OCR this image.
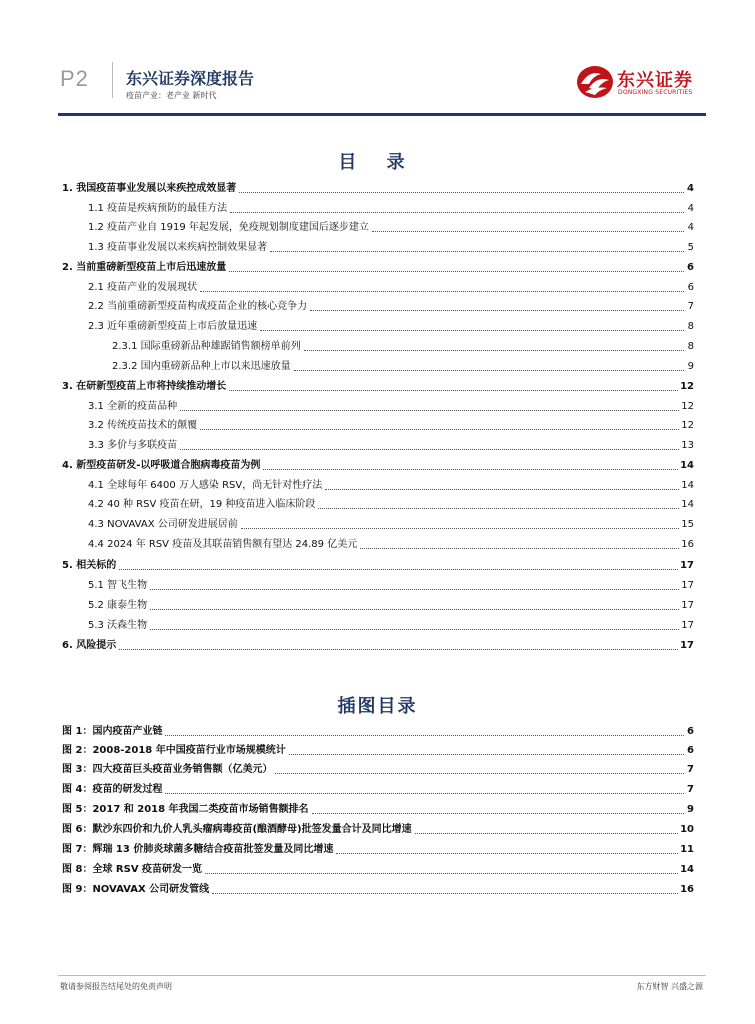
P2 东兴证券深度报告
疫苗产业：老产业 新时代
东兴证券
DONGXING SECURITIES
目 录
1. 我国疫苗事业发展以来疾控成效显著	4
1.1 疫苗是疾病预防的最佳方法	4
1.2 疫苗产业自 1919 年起发展，免疫规划制度建国后逐步建立	4
1.3 疫苗事业发展以来疾病控制效果显著	5
2. 当前重磅新型疫苗上市后迅速放量	6
2.1 疫苗产业的发展现状	6
2.2 当前重磅新型疫苗构成疫苗企业的核心竞争力	7
2.3 近年重磅新型疫苗上市后放量迅速	8
2.3.1 国际重磅新品种雄踞销售额榜单前列	8
2.3.2 国内重磅新品种上市以来迅速放量	9
3. 在研新型疫苗上市将持续推动增长	12
3.1 全新的疫苗品种	12
3.2 传统疫苗技术的颠覆	12
3.3 多价与多联疫苗	13
4. 新型疫苗研发-以呼吸道合胞病毒疫苗为例	14
4.1 全球每年 6400 万人感染 RSV，尚无针对性疗法	14
4.2 40 种 RSV 疫苗在研，19 种疫苗进入临床阶段	14
4.3 NOVAVAX 公司研发进展居前	15
4.4 2024 年 RSV 疫苗及其联苗销售额有望达 24.89 亿美元	16
5. 相关标的	17
5.1 智飞生物	17
5.2 康泰生物	17
5.3 沃森生物	17
6. 风险提示	17
插图目录
图 1：国内疫苗产业链	6
图 2：2008-2018 年中国疫苗行业市场规模统计	6
图 3：四大疫苗巨头疫苗业务销售额（亿美元）	7
图 4：疫苗的研发过程	7
图 5：2017 和 2018 年我国二类疫苗市场销售额排名	9
图 6：默沙东四价和九价人乳头瘤病毒疫苗(酿酒酵母)批签发量合计及同比增速	10
图 7：辉瑞 13 价肺炎球菌多糖结合疫苗批签发量及同比增速	11
图 8：全球 RSV 疫苗研发一览	14
图 9：NOVAVAX 公司研发管线	16
敬请参阅报告结尾处的免责声明	东方财智 兴盛之源
